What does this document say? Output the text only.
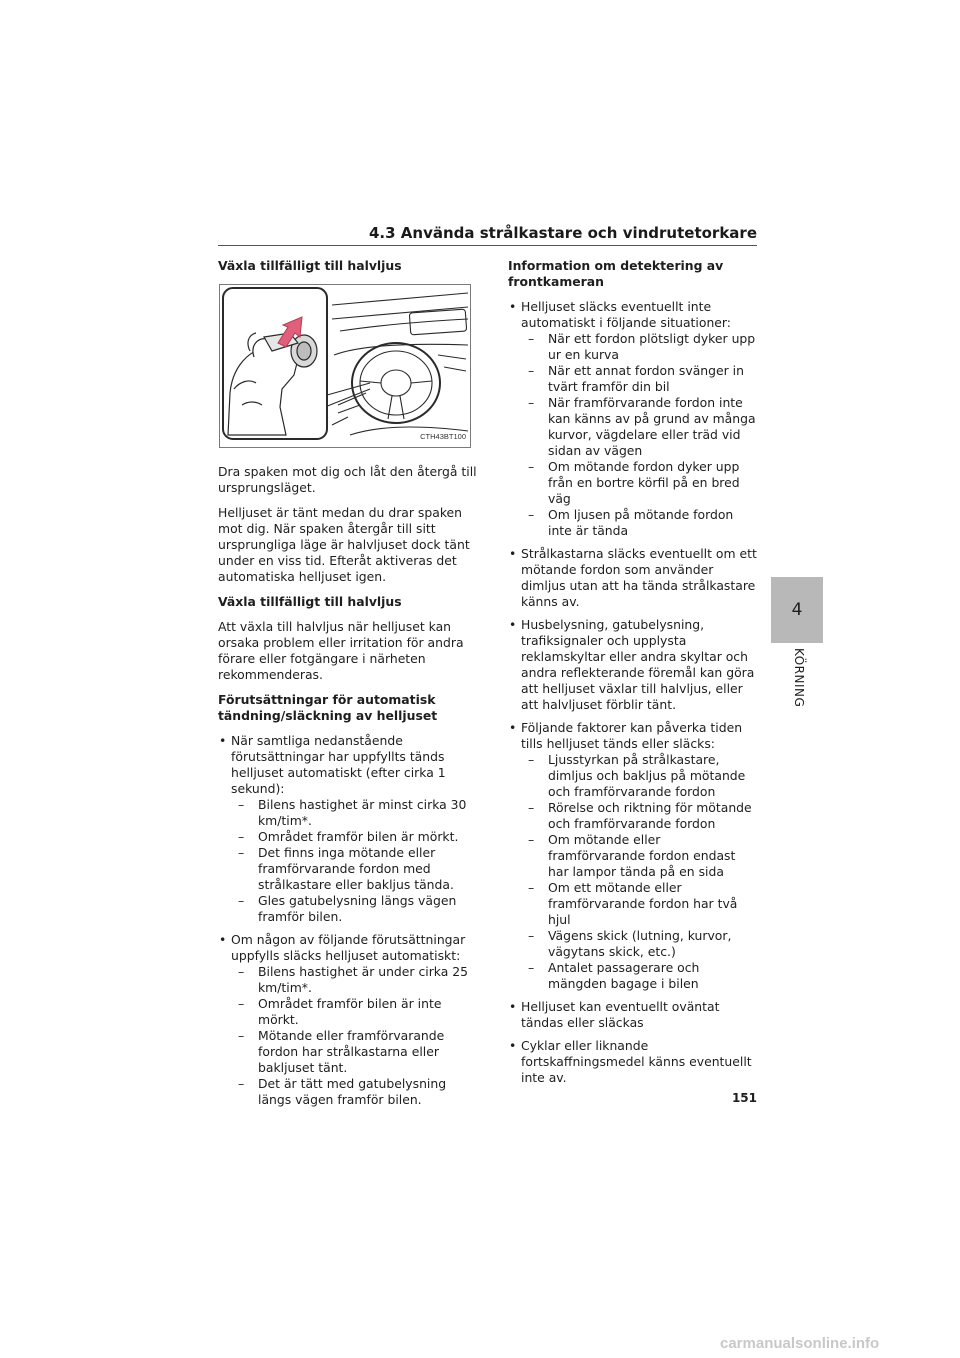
4.3 Använda strålkastare och vindrutetorkare
Växla tillfälligt till halvljus
CTH43BT100
Dra spaken mot dig och låt den återgå till ursprungsläget.
Helljuset är tänt medan du drar spaken mot dig. När spaken återgår till sitt ursprungliga läge är halvljuset dock tänt under en viss tid. Efteråt aktiveras det automatiska helljuset igen.
Växla tillfälligt till halvljus
Att växla till halvljus när helljuset kan orsaka problem eller irritation för andra förare eller fotgängare i närheten rekommenderas.
Förutsättningar för automatisk tändning/släckning av helljuset
• När samtliga nedanstående förutsättningar har uppfyllts tänds helljuset automatiskt (efter cirka 1 sekund):
– Bilens hastighet är minst cirka 30 km/tim*.
– Området framför bilen är mörkt.
– Det finns inga mötande eller framförvarande fordon med strålkastare eller bakljus tända.
– Gles gatubelysning längs vägen framför bilen.
• Om någon av följande förutsättningar uppfylls släcks helljuset automatiskt:
– Bilens hastighet är under cirka 25 km/tim*.
– Området framför bilen är inte mörkt.
– Mötande eller framförvarande fordon har strålkastarna eller bakljuset tänt.
– Det är tätt med gatubelysning längs vägen framför bilen.
Information om detektering av frontkameran
• Helljuset släcks eventuellt inte automatiskt i följande situationer:
– När ett fordon plötsligt dyker upp ur en kurva
– När ett annat fordon svänger in tvärt framför din bil
– När framförvarande fordon inte kan känns av på grund av många kurvor, vägdelare eller träd vid sidan av vägen
– Om mötande fordon dyker upp från en bortre körfil på en bred väg
– Om ljusen på mötande fordon inte är tända
• Strålkastarna släcks eventuellt om ett mötande fordon som använder dimljus utan att ha tända strålkastare känns av.
• Husbelysning, gatubelysning, trafiksignaler och upplysta reklamskyltar eller andra skyltar och andra reflekterande föremål kan göra att helljuset växlar till halvljus, eller att halvljuset förblir tänt.
• Följande faktorer kan påverka tiden tills helljuset tänds eller släcks:
– Ljusstyrkan på strålkastare, dimljus och bakljus på mötande och framförvarande fordon
– Rörelse och riktning för mötande och framförvarande fordon
– Om mötande eller framförvarande fordon endast har lampor tända på en sida
– Om ett mötande eller framförvarande fordon har två hjul
– Vägens skick (lutning, kurvor, vägytans skick, etc.)
– Antalet passagerare och mängden bagage i bilen
• Helljuset kan eventuellt oväntat tändas eller släckas
• Cyklar eller liknande fortskaffningsmedel känns eventuellt inte av.
4
KÖRNING
151
carmanualsonline.info
